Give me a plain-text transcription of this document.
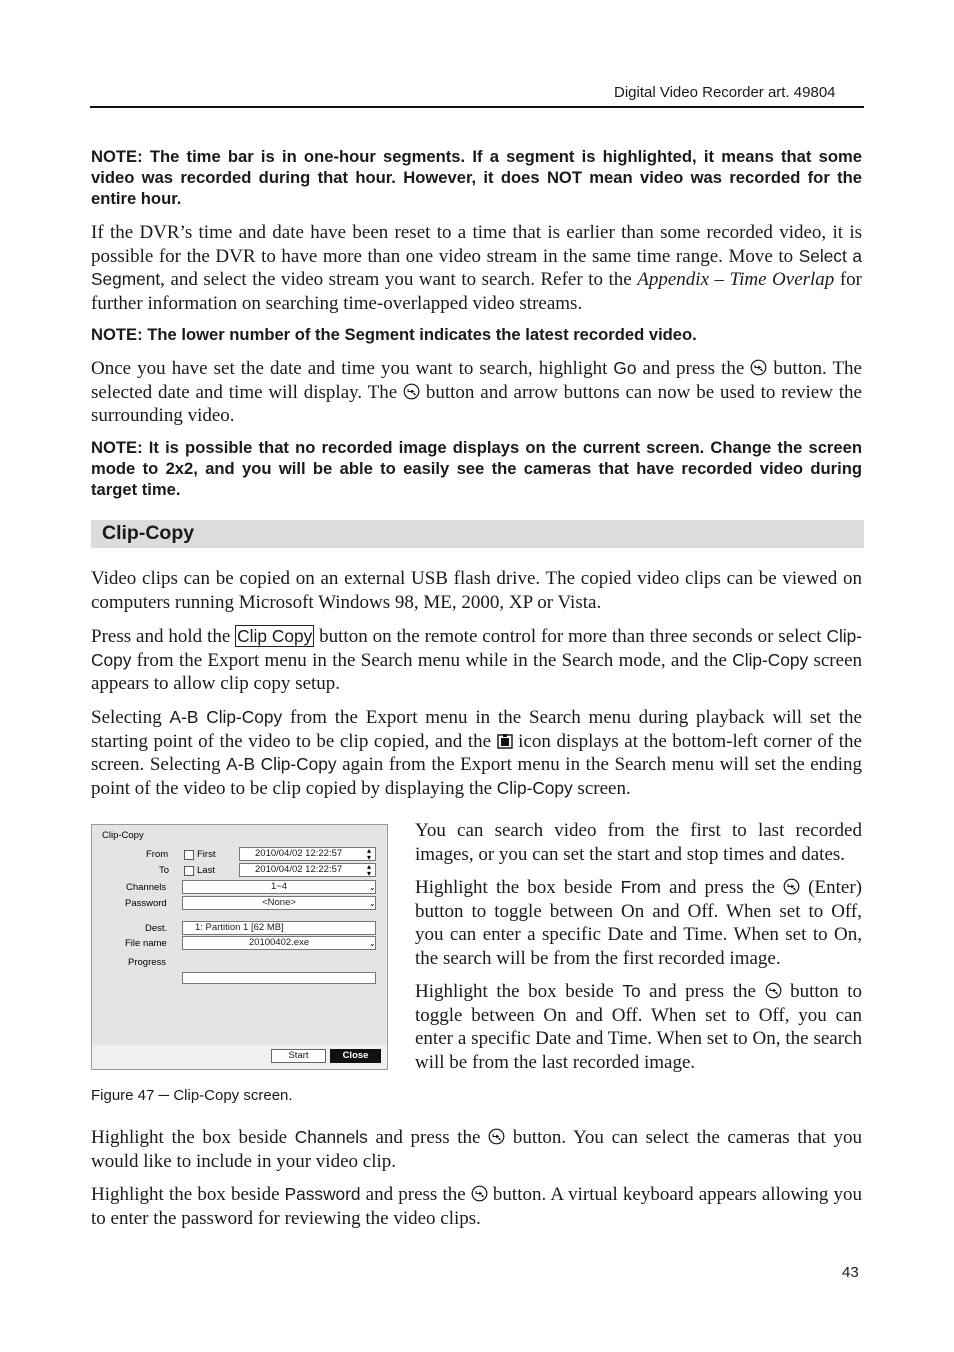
Digital Video Recorder art. 49804
NOTE: The time bar is in one-hour segments. If a segment is highlighted, it means that some video was recorded during that hour. However, it does NOT mean video was recorded for the entire hour.
If the DVR’s time and date have been reset to a time that is earlier than some recorded video, it is possible for the DVR to have more than one video stream in the same time range. Move to Select a Segment, and select the video stream you want to search. Refer to the Appendix – Time Overlap for further information on searching time-overlapped video streams.
NOTE: The lower number of the Segment indicates the latest recorded video.
Once you have set the date and time you want to search, highlight Go and press the  button. The selected date and time will display. The  button and arrow buttons can now be used to review the surrounding video.
NOTE: It is possible that no recorded image displays on the current screen. Change the screen mode to 2x2, and you will be able to easily see the cameras that have recorded video during target time.
Clip-Copy
Video clips can be copied on an external USB flash drive. The copied video clips can be viewed on computers running Microsoft Windows 98, ME, 2000, XP or Vista.
Press and hold the Clip Copy button on the remote control for more than three seconds or select Clip-Copy from the Export menu in the Search menu while in the Search mode, and the Clip-Copy screen appears to allow clip copy setup.
Selecting A-B Clip-Copy from the Export menu in the Search menu during playback will set the starting point of the video to be clip copied, and the  icon displays at the bottom-left corner of the screen. Selecting A-B Clip-Copy again from the Export menu in the Search menu will set the ending point of the video to be clip copied by displaying the Clip-Copy screen.
Clip-Copy
From	First	2010/04/02 12:22:57	▴
▾
To	Last	2010/04/02 12:22:57	▴
▾
Channels	1~4	⌄
Password	<None>	⌄
Dest.	1: Partition 1 [62 MB]
File name	20100402.exe	⌄
Progress
Start	Close
Figure 47 ─ Clip-Copy screen.
You can search video from the first to last recorded images, or you can set the start and stop times and dates.
Highlight the box beside From and press the  (Enter) button to toggle between On and Off. When set to Off, you can enter a specific Date and Time. When set to On, the search will be from the first recorded image.
Highlight the box beside To and press the  button to toggle between On and Off. When set to Off, you can enter a specific Date and Time. When set to On, the search will be from the last recorded image.
Highlight the box beside Channels and press the  button. You can select the cameras that you would like to include in your video clip.
Highlight the box beside Password and press the  button. A virtual keyboard appears allowing you to enter the password for reviewing the video clips.
43
